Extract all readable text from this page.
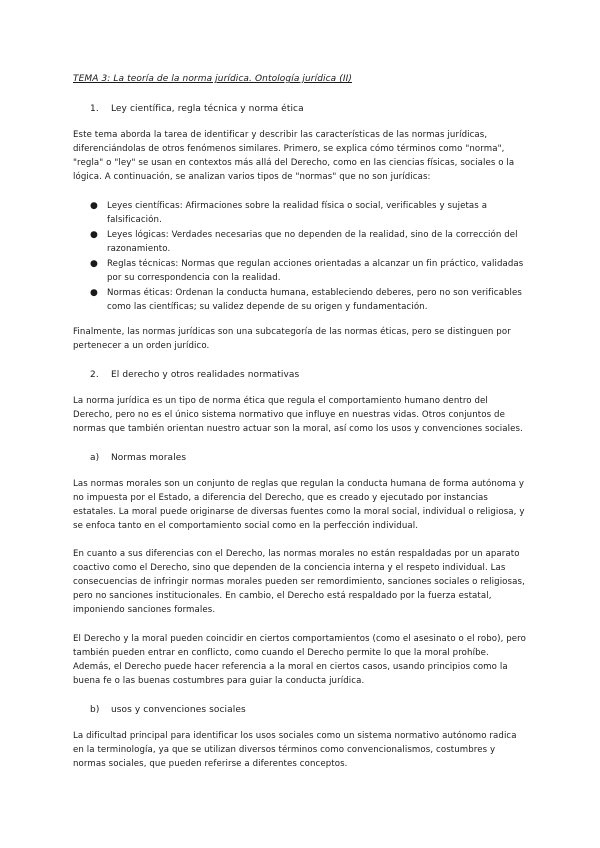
TEMA 3: La teoría de la norma jurídica. Ontología jurídica (II)
1. Ley científica, regla técnica y norma ética

Este tema aborda la tarea de identificar y describir las características de las normas jurídicas, diferenciándolas de otros fenómenos similares. Primero, se explica cómo términos como "norma", "regla" o "ley" se usan en contextos más allá del Derecho, como en las ciencias físicas, sociales o la lógica. A continuación, se analizan varios tipos de "normas" que no son jurídicas:

● Leyes científicas: Afirmaciones sobre la realidad física o social, verificables y sujetas a falsificación.
● Leyes lógicas: Verdades necesarias que no dependen de la realidad, sino de la corrección del razonamiento.
● Reglas técnicas: Normas que regulan acciones orientadas a alcanzar un fin práctico, validadas por su correspondencia con la realidad.
● Normas éticas: Ordenan la conducta humana, estableciendo deberes, pero no son verificables como las científicas; su validez depende de su origen y fundamentación.

Finalmente, las normas jurídicas son una subcategoría de las normas éticas, pero se distinguen por pertenecer a un orden jurídico.

2. El derecho y otros realidades normativas

La norma jurídica es un tipo de norma ética que regula el comportamiento humano dentro del Derecho, pero no es el único sistema normativo que influye en nuestras vidas. Otros conjuntos de normas que también orientan nuestro actuar son la moral, así como los usos y convenciones sociales.

a) Normas morales

Las normas morales son un conjunto de reglas que regulan la conducta humana de forma autónoma y no impuesta por el Estado, a diferencia del Derecho, que es creado y ejecutado por instancias estatales. La moral puede originarse de diversas fuentes como la moral social, individual o religiosa, y se enfoca tanto en el comportamiento social como en la perfección individual.

En cuanto a sus diferencias con el Derecho, las normas morales no están respaldadas por un aparato coactivo como el Derecho, sino que dependen de la conciencia interna y el respeto individual. Las consecuencias de infringir normas morales pueden ser remordimiento, sanciones sociales o religiosas, pero no sanciones institucionales. En cambio, el Derecho está respaldado por la fuerza estatal, imponiendo sanciones formales.

El Derecho y la moral pueden coincidir en ciertos comportamientos (como el asesinato o el robo), pero también pueden entrar en conflicto, como cuando el Derecho permite lo que la moral prohíbe. Además, el Derecho puede hacer referencia a la moral en ciertos casos, usando principios como la buena fe o las buenas costumbres para guiar la conducta jurídica.

b) usos y convenciones sociales

La dificultad principal para identificar los usos sociales como un sistema normativo autónomo radica en la terminología, ya que se utilizan diversos términos como convencionalismos, costumbres y normas sociales, que pueden referirse a diferentes conceptos.
